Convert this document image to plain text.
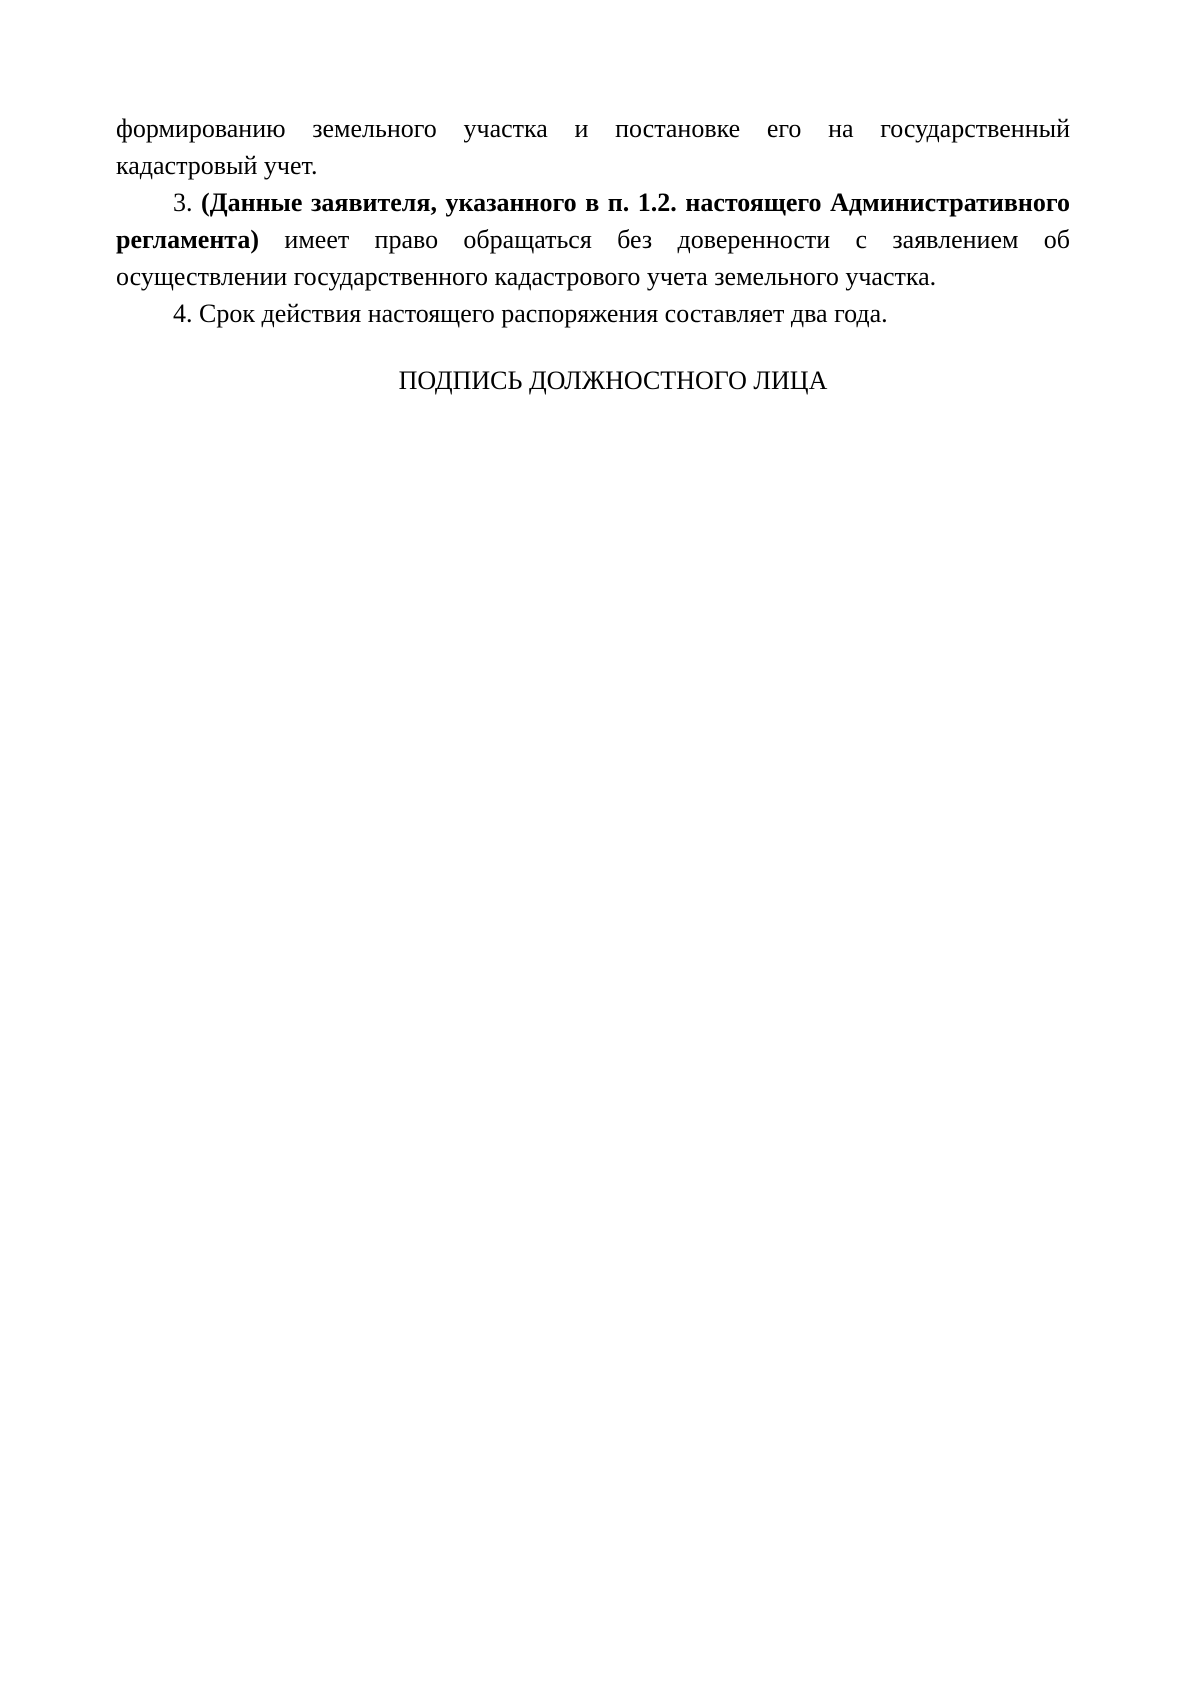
формированию земельного участка и постановке его на государственный кадастровый учет.

3. (Данные заявителя, указанного в п. 1.2. настоящего Административного регламента) имеет право обращаться без доверенности с заявлением об осуществлении государственного кадастрового учета земельного участка.

4. Срок действия настоящего распоряжения составляет два года.

ПОДПИСЬ ДОЛЖНОСТНОГО ЛИЦА
